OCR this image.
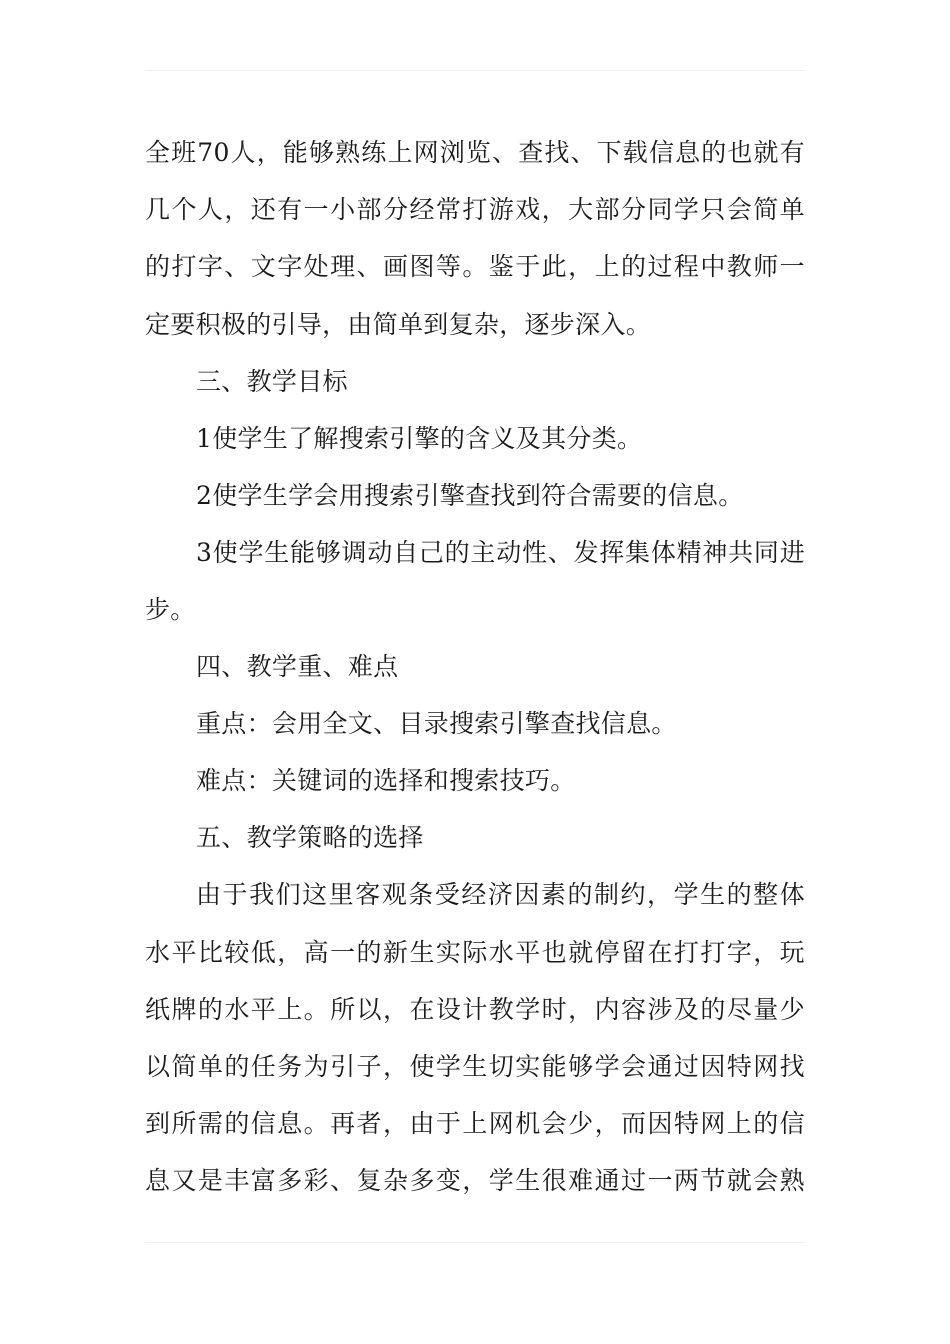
全班70人，能够熟练上网浏览、查找、下载信息的也就有
几个人，还有一小部分经常打游戏，大部分同学只会简单
的打字、文字处理、画图等。鉴于此，上的过程中教师一
定要积极的引导，由简单到复杂，逐步深入。
三、教学目标
1使学生了解搜索引擎的含义及其分类。
2使学生学会用搜索引擎查找到符合需要的信息。
3使学生能够调动自己的主动性、发挥集体精神共同进
步。
四、教学重、难点
重点：会用全文、目录搜索引擎查找信息。
难点：关键词的选择和搜索技巧。
五、教学策略的选择
由于我们这里客观条受经济因素的制约，学生的整体
水平比较低，高一的新生实际水平也就停留在打打字，玩
纸牌的水平上。所以，在设计教学时，内容涉及的尽量少
以简单的任务为引子，使学生切实能够学会通过因特网找
到所需的信息。再者，由于上网机会少，而因特网上的信
息又是丰富多彩、复杂多变，学生很难通过一两节就会熟
